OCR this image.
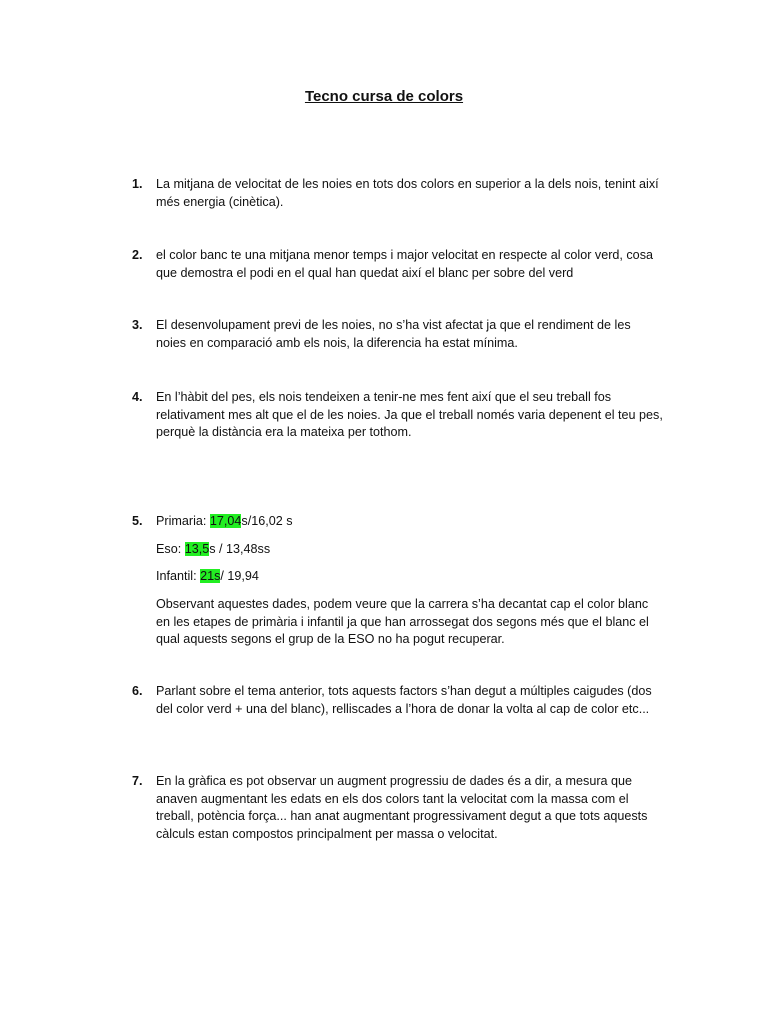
Tecno cursa de colors
1. La mitjana de velocitat de les noies en tots dos colors en superior a la dels nois, tenint així més energia (cinètica).
2. el color banc te una mitjana menor temps i major velocitat en respecte al color verd, cosa que demostra el podi en el qual han quedat així el blanc per sobre del verd
3. El desenvolupament previ de les noies, no s’ha vist afectat ja que el rendiment de les noies en comparació amb els nois, la diferencia ha estat mínima.
4. En l’hàbit del pes, els nois tendeixen a tenir-ne mes fent així que el seu treball fos relativament mes alt que el de les noies. Ja que el treball només varia depenent el teu pes, perquè la distància era la mateixa per tothom.
5. Primaria: 17,04s/16,02 s
Eso: 13,5s / 13,48ss
Infantil: 21s/ 19,94
Observant aquestes dades, podem veure que la carrera s’ha decantat cap el color blanc en les etapes de primària i infantil ja que han arrossegat dos segons més que el blanc el qual aquests segons el grup de la ESO no ha pogut recuperar.
6. Parlant sobre el tema anterior, tots aquests factors s’han degut a múltiples caigudes (dos del color verd + una del blanc), relliscades a l’hora de donar la volta al cap de color etc...
7. En la gràfica es pot observar un augment progressiu de dades és a dir, a mesura que anaven augmentant les edats en els dos colors tant la velocitat com la massa com el treball, potència força... han anat augmentant progressivament degut a que tots aquests càlculs estan compostos principalment per massa o velocitat.
